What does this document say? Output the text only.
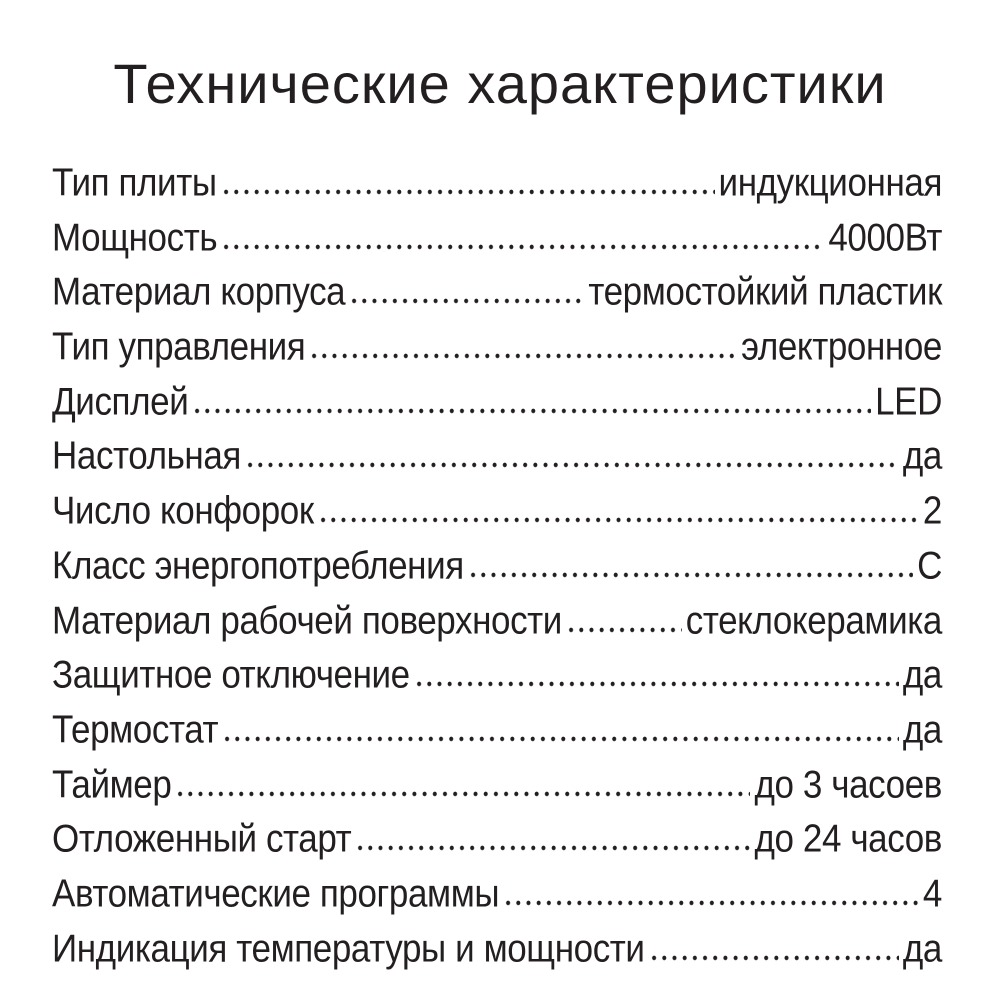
Технические характеристики
Тип плиты	индукционная
Мощность	4000Вт
Материал корпуса	термостойкий пластик
Тип управления	электронное
Дисплей	LED
Настольная	да
Число конфорок	2
Класс энергопотребления	C
Материал рабочей поверхности	стеклокерамика
Защитное отключение	да
Термостат	да
Таймер	до 3 часоев
Отложенный старт	до 24 часов
Автоматические программы	4
Индикация температуры и мощности	да
